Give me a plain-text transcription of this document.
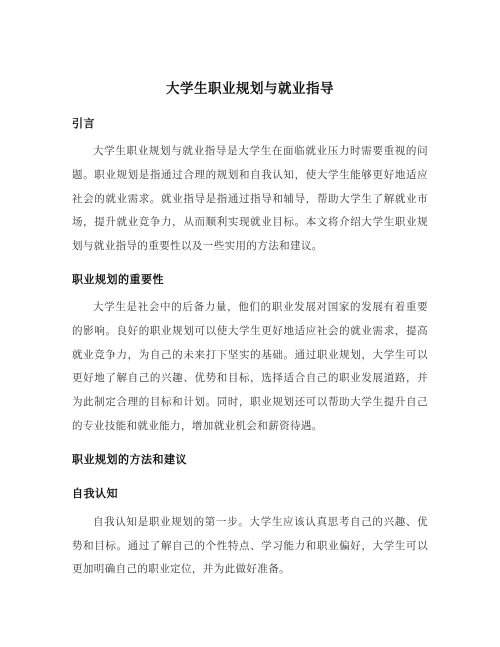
大学生职业规划与就业指导
引言

大学生职业规划与就业指导是大学生在面临就业压力时需要重视的问题。职业规划是指通过合理的规划和自我认知，使大学生能够更好地适应社会的就业需求。就业指导是指通过指导和辅导，帮助大学生了解就业市场，提升就业竞争力，从而顺利实现就业目标。本文将介绍大学生职业规划与就业指导的重要性以及一些实用的方法和建议。

职业规划的重要性

大学生是社会中的后备力量，他们的职业发展对国家的发展有着重要的影响。良好的职业规划可以使大学生更好地适应社会的就业需求，提高就业竞争力，为自己的未来打下坚实的基础。通过职业规划，大学生可以更好地了解自己的兴趣、优势和目标，选择适合自己的职业发展道路，并为此制定合理的目标和计划。同时，职业规划还可以帮助大学生提升自己的专业技能和就业能力，增加就业机会和薪资待遇。

职业规划的方法和建议
自我认知

自我认知是职业规划的第一步。大学生应该认真思考自己的兴趣、优势和目标。通过了解自己的个性特点、学习能力和职业偏好，大学生可以更加明确自己的职业定位，并为此做好准备。
